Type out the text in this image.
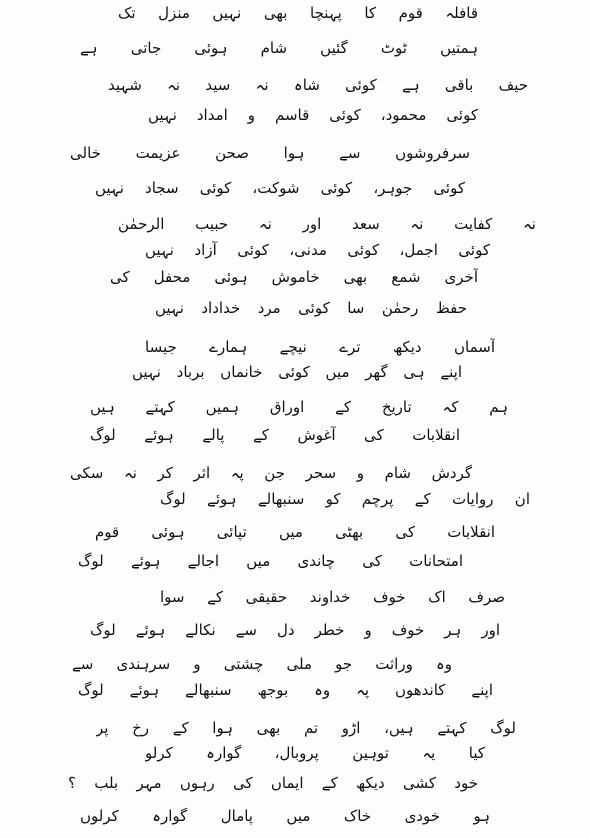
قافلہ قوم کا پہنچا بھی نہیں منزل تک
ہمتیں ٹوٹ گئیں شام ہوئی جاتی ہے
حیف باقی ہے کوئی شاہ نہ سید نہ شہید
کوئی محمود، کوئی قاسم و امداد نہیں
سرفروشوں سے ہوا صحن عزیمت خالی
کوئی جوہر، کوئی شوکت، کوئی سجاد نہیں
نہ کفایت نہ سعد اور نہ حبیب الرحمٰن
کوئی اجمل، کوئی مدنی، کوئی آزاد نہیں
آخری شمع بھی خاموش ہوئی محفل کی
حفظ رحمٰن سا کوئی مرد خداداد نہیں
آسماں دیکھ ترے نیچے ہمارے جیسا
اپنے ہی گھر میں کوئی خانماں برباد نہیں
ہم کہ تاریخ کے اوراق ہمیں کہتے ہیں
انقلابات کی آغوش کے پالے ہوئے لوگ
گردش شام و سحر جن پہ اثر کر نہ سکی
ان روایات کے پرچم کو سنبھالے ہوئے لوگ
انقلابات کی بھٹی میں تپائی ہوئی قوم
امتحانات کی چاندی میں اجالے ہوئے لوگ
صرف اک خوف خداوند حقیقی کے سوا
اور ہر خوف و خطر دل سے نکالے ہوئے لوگ
وہ وراثت جو ملی چشتی و سرہندی سے
اپنے کاندھوں پہ وہ بوجھ سنبھالے ہوئے لوگ
لوگ کہتے ہیں، اڑو تم بھی ہوا کے رخ پر
کیا یہ توہین پروبال، گوارہ کرلو
خود کشی دیکھ کے ایماں کی رہوں مہر بلب ؟
ہو خودی خاک میں پامال گوارہ کرلوں
